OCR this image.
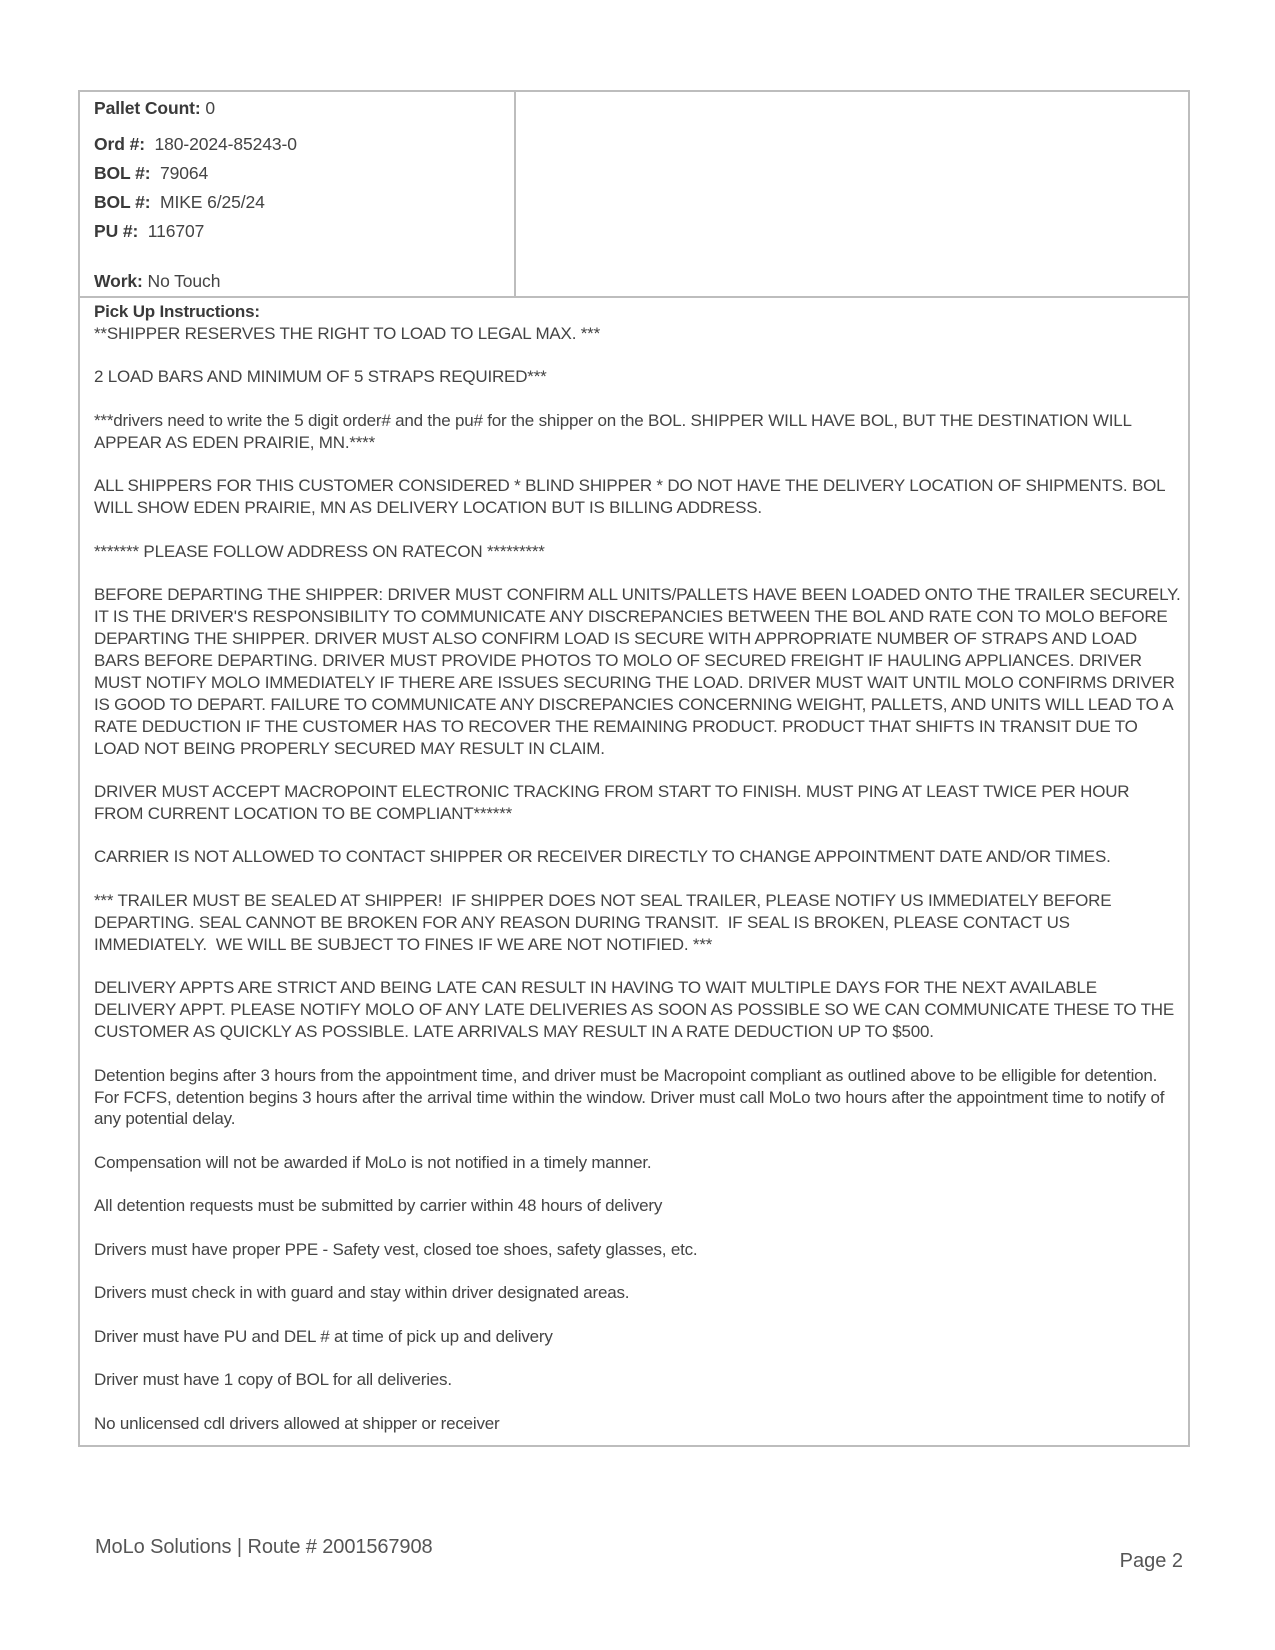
Pallet Count: 0
Ord #:  180-2024-85243-0
BOL #:  79064
BOL #:  MIKE 6/25/24
PU #:  116707
Work: No Touch
Pick Up Instructions:
**SHIPPER RESERVES THE RIGHT TO LOAD TO LEGAL MAX. ***
2 LOAD BARS AND MINIMUM OF 5 STRAPS REQUIRED***
***drivers need to write the 5 digit order# and the pu# for the shipper on the BOL. SHIPPER WILL HAVE BOL, BUT THE DESTINATION WILL APPEAR AS EDEN PRAIRIE, MN.****
ALL SHIPPERS FOR THIS CUSTOMER CONSIDERED * BLIND SHIPPER * DO NOT HAVE THE DELIVERY LOCATION OF SHIPMENTS. BOL WILL SHOW EDEN PRAIRIE, MN AS DELIVERY LOCATION BUT IS BILLING ADDRESS.
******* PLEASE FOLLOW ADDRESS ON RATECON *********
BEFORE DEPARTING THE SHIPPER: DRIVER MUST CONFIRM ALL UNITS/PALLETS HAVE BEEN LOADED ONTO THE TRAILER SECURELY. IT IS THE DRIVER'S RESPONSIBILITY TO COMMUNICATE ANY DISCREPANCIES BETWEEN THE BOL AND RATE CON TO MOLO BEFORE DEPARTING THE SHIPPER. DRIVER MUST ALSO CONFIRM LOAD IS SECURE WITH APPROPRIATE NUMBER OF STRAPS AND LOAD BARS BEFORE DEPARTING. DRIVER MUST PROVIDE PHOTOS TO MOLO OF SECURED FREIGHT IF HAULING APPLIANCES. DRIVER MUST NOTIFY MOLO IMMEDIATELY IF THERE ARE ISSUES SECURING THE LOAD. DRIVER MUST WAIT UNTIL MOLO CONFIRMS DRIVER IS GOOD TO DEPART. FAILURE TO COMMUNICATE ANY DISCREPANCIES CONCERNING WEIGHT, PALLETS, AND UNITS WILL LEAD TO A RATE DEDUCTION IF THE CUSTOMER HAS TO RECOVER THE REMAINING PRODUCT. PRODUCT THAT SHIFTS IN TRANSIT DUE TO LOAD NOT BEING PROPERLY SECURED MAY RESULT IN CLAIM.
DRIVER MUST ACCEPT MACROPOINT ELECTRONIC TRACKING FROM START TO FINISH. MUST PING AT LEAST TWICE PER HOUR FROM CURRENT LOCATION TO BE COMPLIANT******
CARRIER IS NOT ALLOWED TO CONTACT SHIPPER OR RECEIVER DIRECTLY TO CHANGE APPOINTMENT DATE AND/OR TIMES.
*** TRAILER MUST BE SEALED AT SHIPPER!  IF SHIPPER DOES NOT SEAL TRAILER, PLEASE NOTIFY US IMMEDIATELY BEFORE DEPARTING. SEAL CANNOT BE BROKEN FOR ANY REASON DURING TRANSIT.  IF SEAL IS BROKEN, PLEASE CONTACT US IMMEDIATELY.  WE WILL BE SUBJECT TO FINES IF WE ARE NOT NOTIFIED. ***
DELIVERY APPTS ARE STRICT AND BEING LATE CAN RESULT IN HAVING TO WAIT MULTIPLE DAYS FOR THE NEXT AVAILABLE DELIVERY APPT. PLEASE NOTIFY MOLO OF ANY LATE DELIVERIES AS SOON AS POSSIBLE SO WE CAN COMMUNICATE THESE TO THE CUSTOMER AS QUICKLY AS POSSIBLE. LATE ARRIVALS MAY RESULT IN A RATE DEDUCTION UP TO $500.
Detention begins after 3 hours from the appointment time, and driver must be Macropoint compliant as outlined above to be elligible for detention. For FCFS, detention begins 3 hours after the arrival time within the window. Driver must call MoLo two hours after the appointment time to notify of any potential delay.
Compensation will not be awarded if MoLo is not notified in a timely manner.
All detention requests must be submitted by carrier within 48 hours of delivery
Drivers must have proper PPE - Safety vest, closed toe shoes, safety glasses, etc.
Drivers must check in with guard and stay within driver designated areas.
Driver must have PU and DEL # at time of pick up and delivery
Driver must have 1 copy of BOL for all deliveries.
No unlicensed cdl drivers allowed at shipper or receiver
MoLo Solutions | Route # 2001567908
Page 2
